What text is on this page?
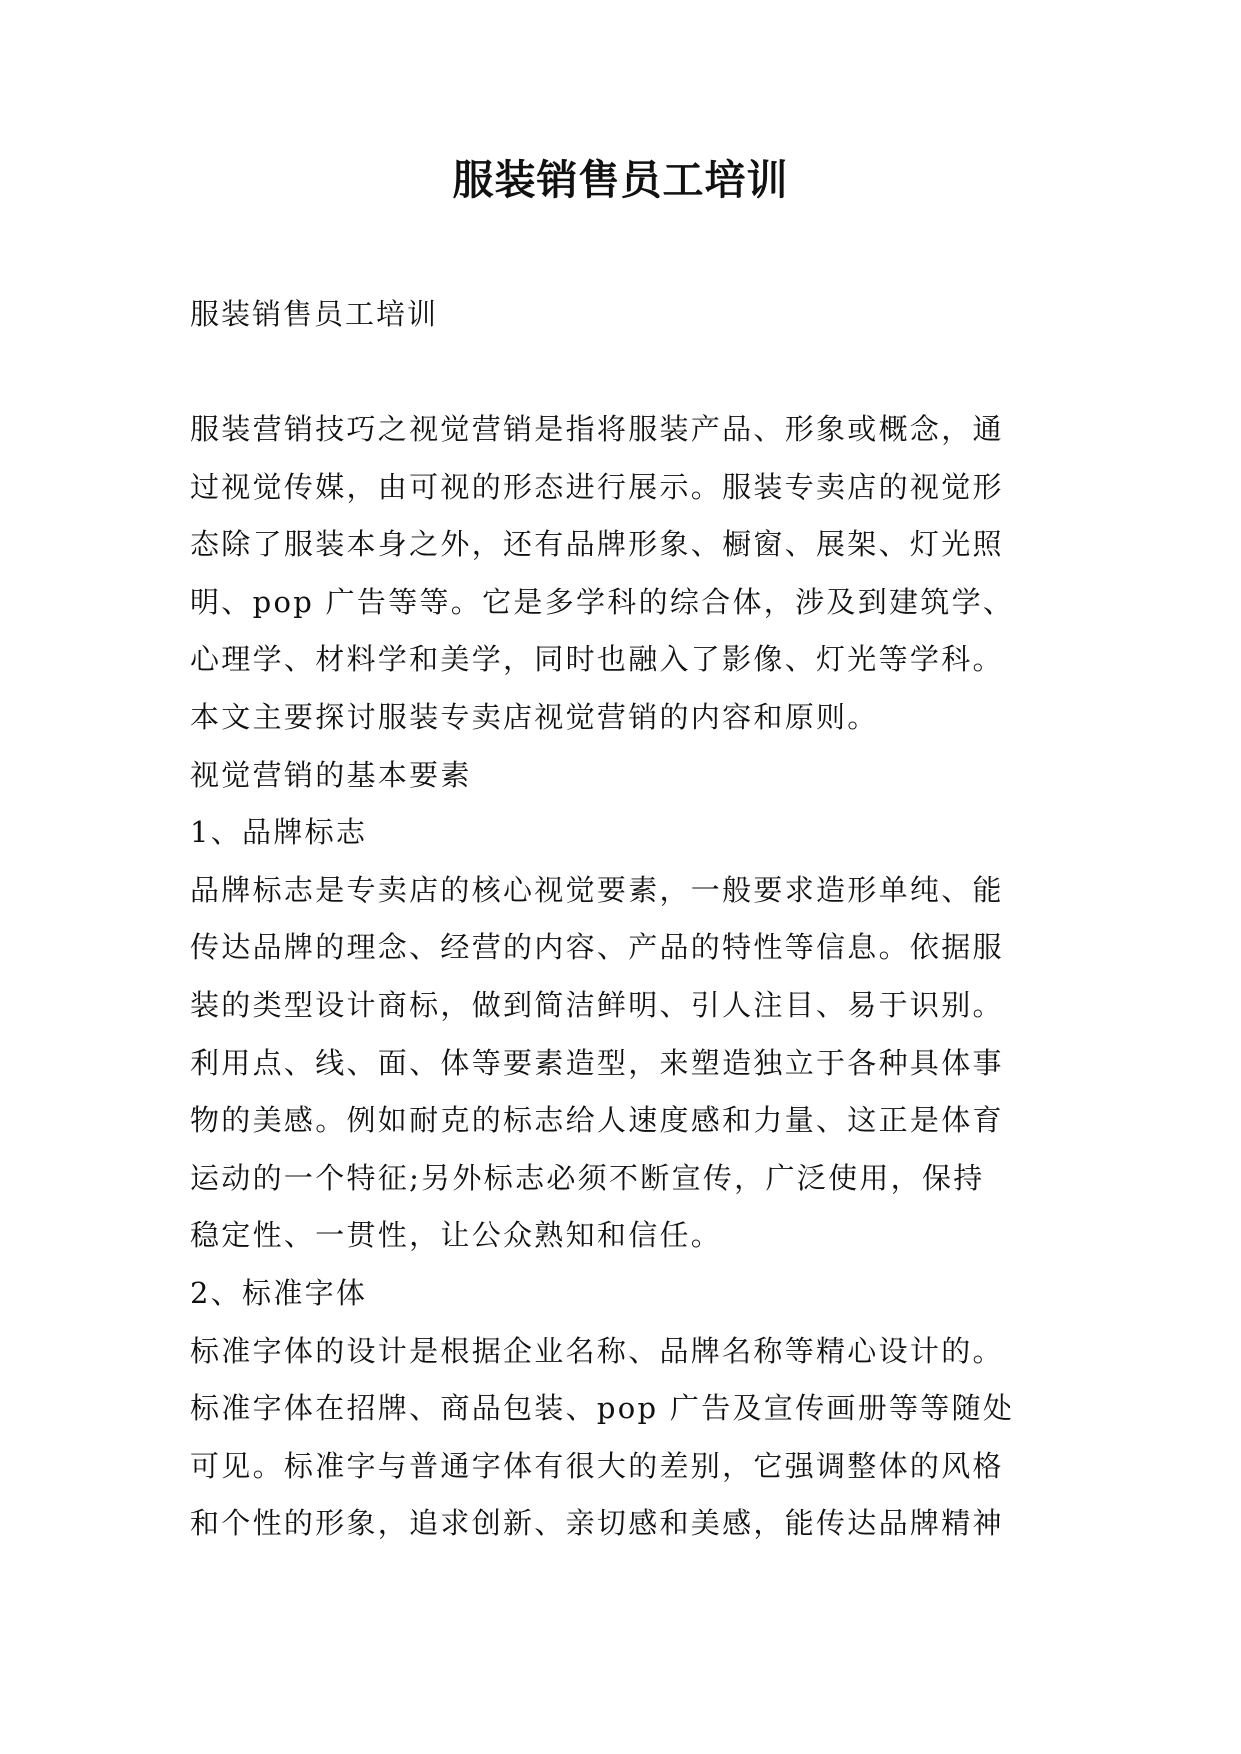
服装销售员工培训

服装销售员工培训

服装营销技巧之视觉营销是指将服装产品、形象或概念，通
过视觉传媒，由可视的形态进行展示。服装专卖店的视觉形
态除了服装本身之外，还有品牌形象、橱窗、展架、灯光照
明、pop 广告等等。它是多学科的综合体，涉及到建筑学、
心理学、材料学和美学，同时也融入了影像、灯光等学科。
本文主要探讨服装专卖店视觉营销的内容和原则。
视觉营销的基本要素
1、品牌标志
品牌标志是专卖店的核心视觉要素，一般要求造形单纯、能
传达品牌的理念、经营的内容、产品的特性等信息。依据服
装的类型设计商标，做到简洁鲜明、引人注目、易于识别。
利用点、线、面、体等要素造型，来塑造独立于各种具体事
物的美感。例如耐克的标志给人速度感和力量、这正是体育
运动的一个特征;另外标志必须不断宣传，广泛使用，保持
稳定性、一贯性，让公众熟知和信任。
2、标准字体
标准字体的设计是根据企业名称、品牌名称等精心设计的。
标准字体在招牌、商品包装、pop 广告及宣传画册等等随处
可见。标准字与普通字体有很大的差别，它强调整体的风格
和个性的形象，追求创新、亲切感和美感，能传达品牌精神
